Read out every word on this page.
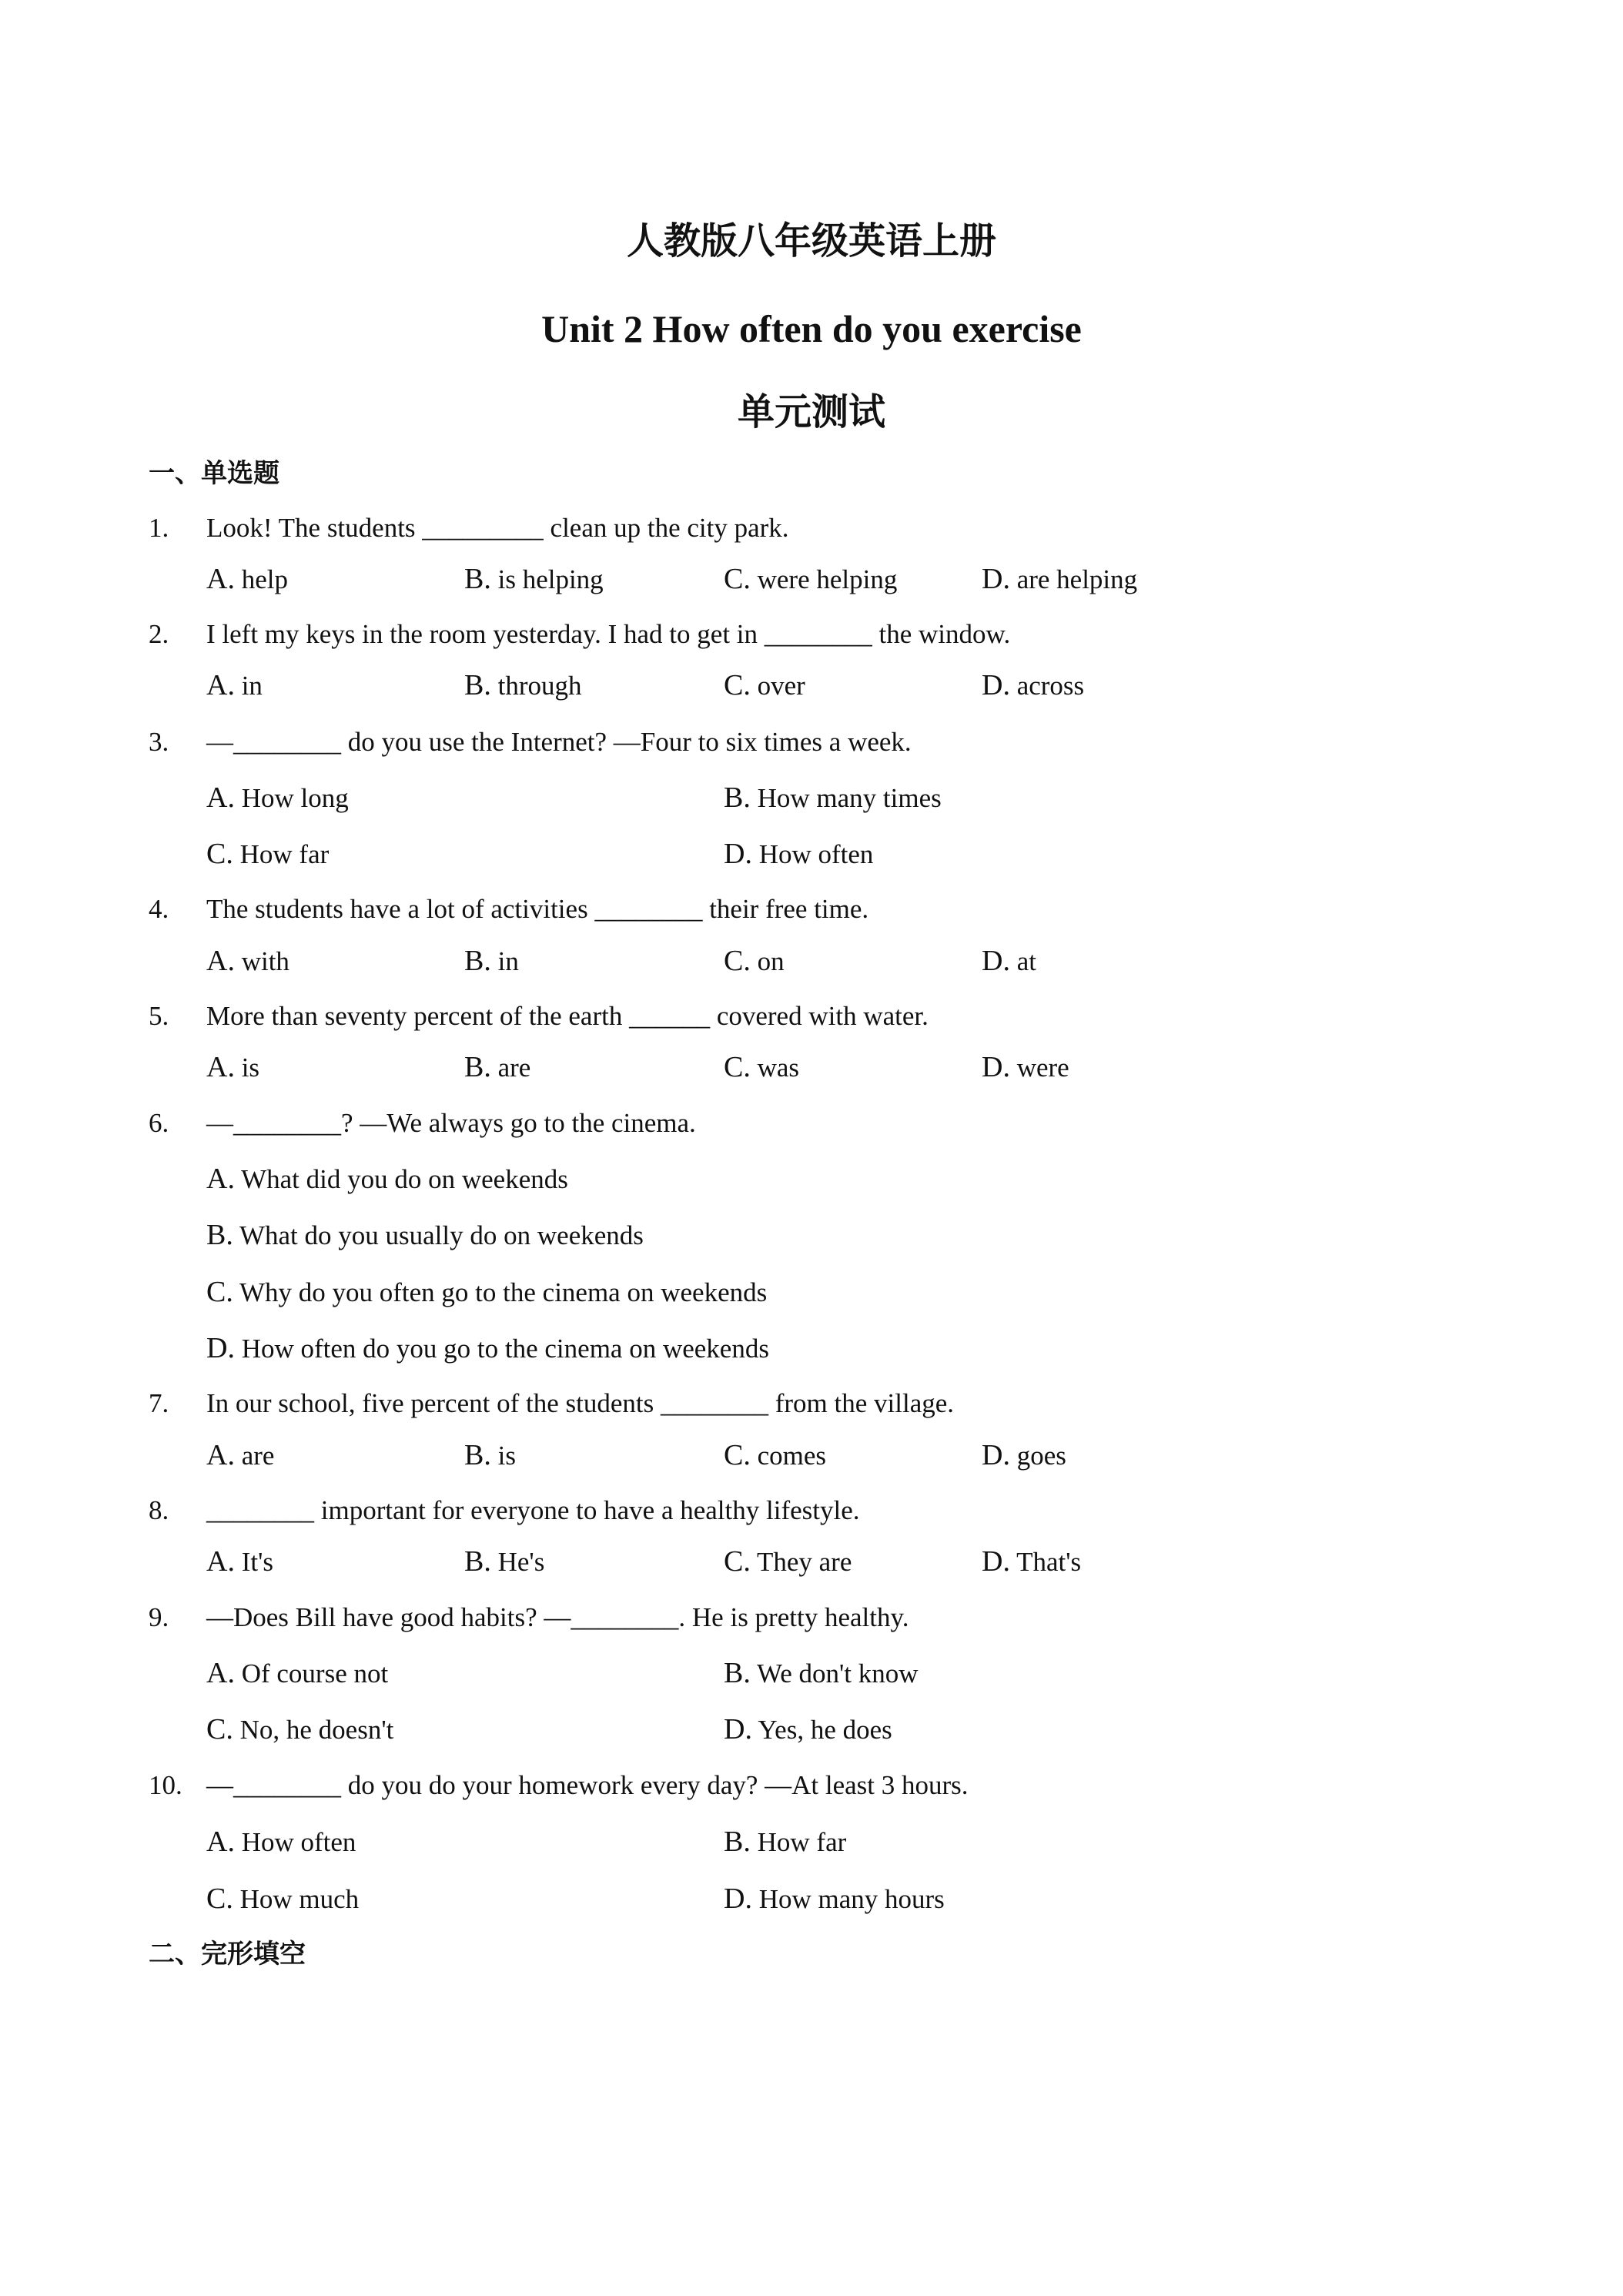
人教版八年级英语上册
Unit 2 How often do you exercise
单元测试
一、单选题
1. Look! The students _________ clean up the city park.
A. help	B. is helping	C. were helping	D. are helping
2. I left my keys in the room yesterday. I had to get in ________ the window.
A. in	B. through	C. over	D. across
3. —________ do you use the Internet? —Four to six times a week.
A. How long	B. How many times
C. How far	D. How often
4. The students have a lot of activities ________ their free time.
A. with	B. in	C. on	D. at
5. More than seventy percent of the earth ______ covered with water.
A. is	B. are	C. was	D. were
6. —________? —We always go to the cinema.
A. What did you do on weekends
B. What do you usually do on weekends
C. Why do you often go to the cinema on weekends
D. How often do you go to the cinema on weekends
7. In our school, five percent of the students ________ from the village.
A. are	B. is	C. comes	D. goes
8. ________ important for everyone to have a healthy lifestyle.
A. It's	B. He's	C. They are	D. That's
9. —Does Bill have good habits? —________. He is pretty healthy.
A. Of course not	B. We don't know
C. No, he doesn't	D. Yes, he does
10. —________ do you do your homework every day? —At least 3 hours.
A. How often	B. How far
C. How much	D. How many hours
二、完形填空
